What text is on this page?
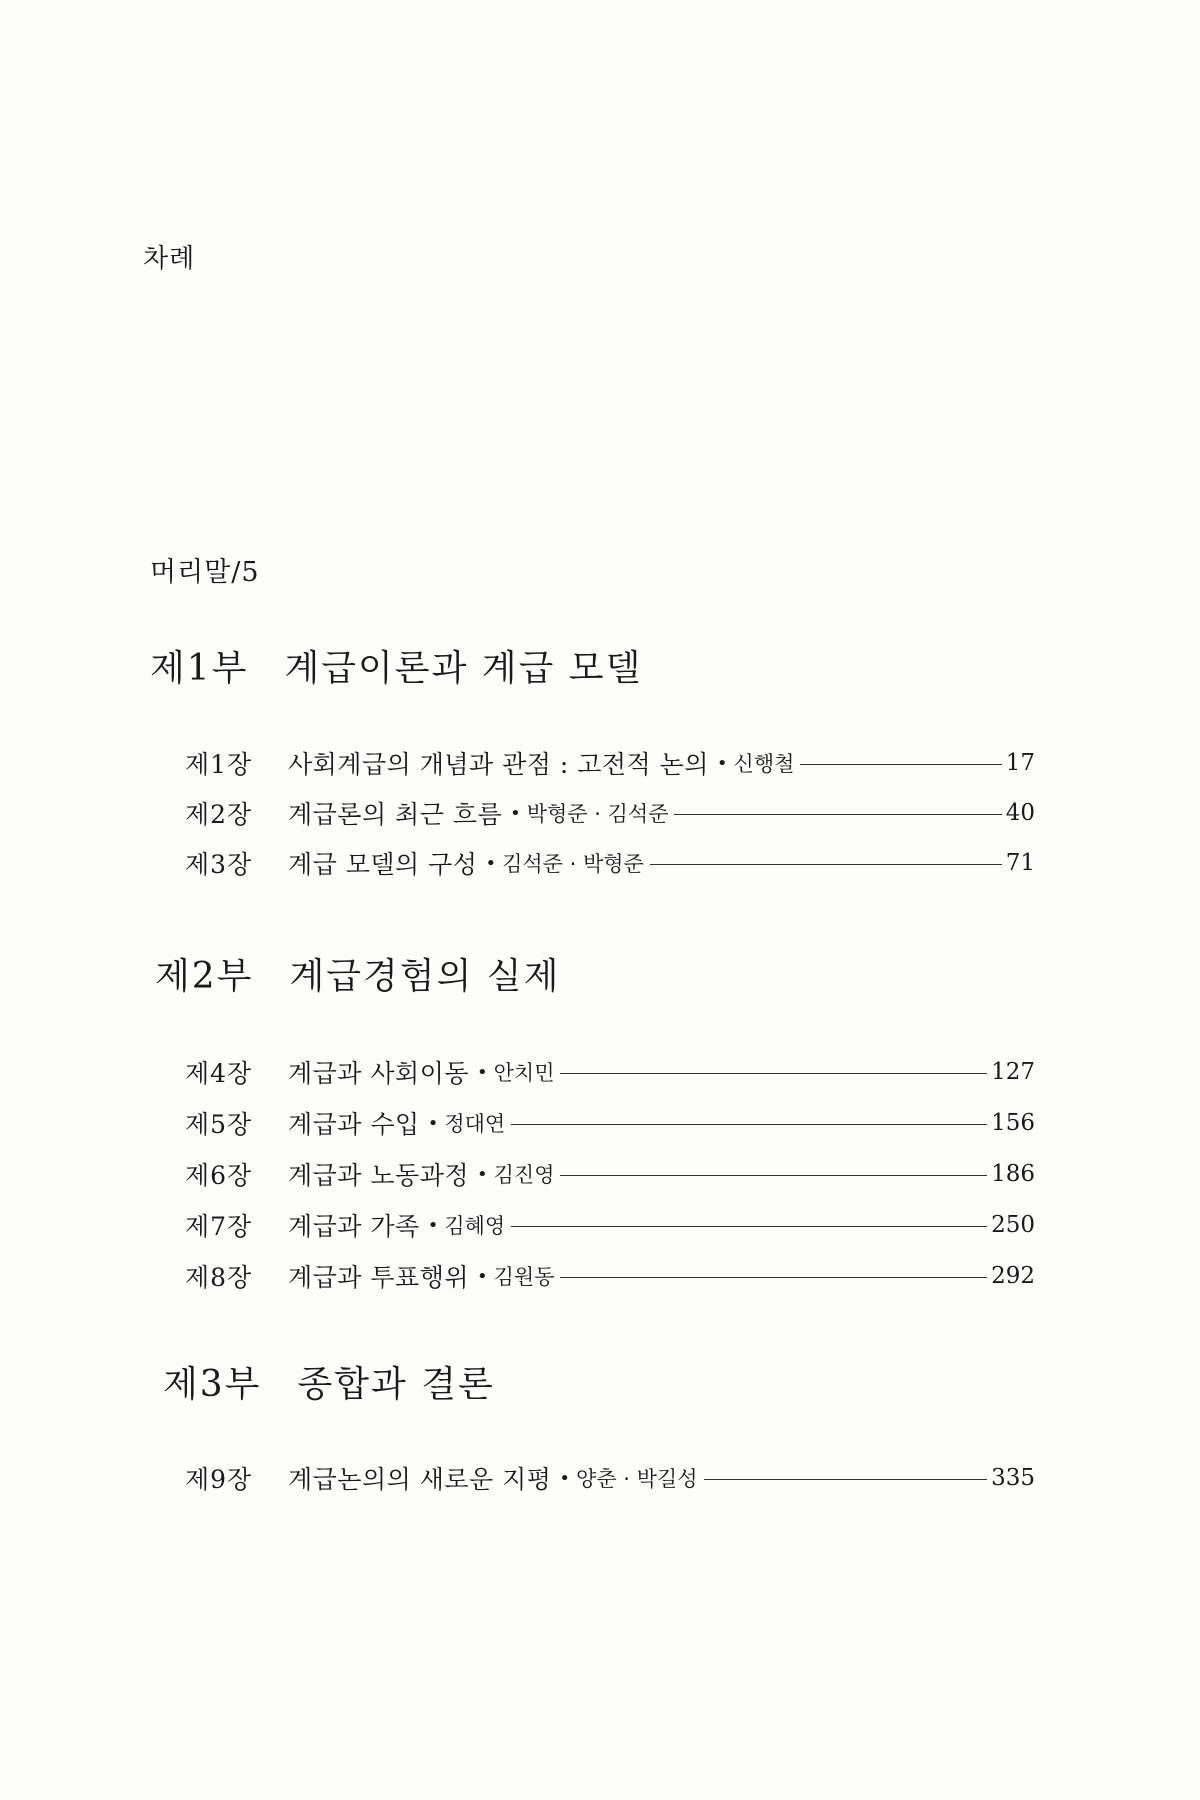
차례
머리말/5
제1부 계급이론과 계급 모델
제1장	사회계급의 개념과 관점 : 고전적 논의 • 신행철	17
제2장	계급론의 최근 흐름 • 박형준 · 김석준	40
제3장	계급 모델의 구성 • 김석준 · 박형준	71
제2부 계급경험의 실제
제4장	계급과 사회이동 • 안치민	127
제5장	계급과 수입 • 정대연	156
제6장	계급과 노동과정 • 김진영	186
제7장	계급과 가족 • 김혜영	250
제8장	계급과 투표행위 • 김원동	292
제3부 종합과 결론
제9장	계급논의의 새로운 지평 • 양춘 · 박길성	335
